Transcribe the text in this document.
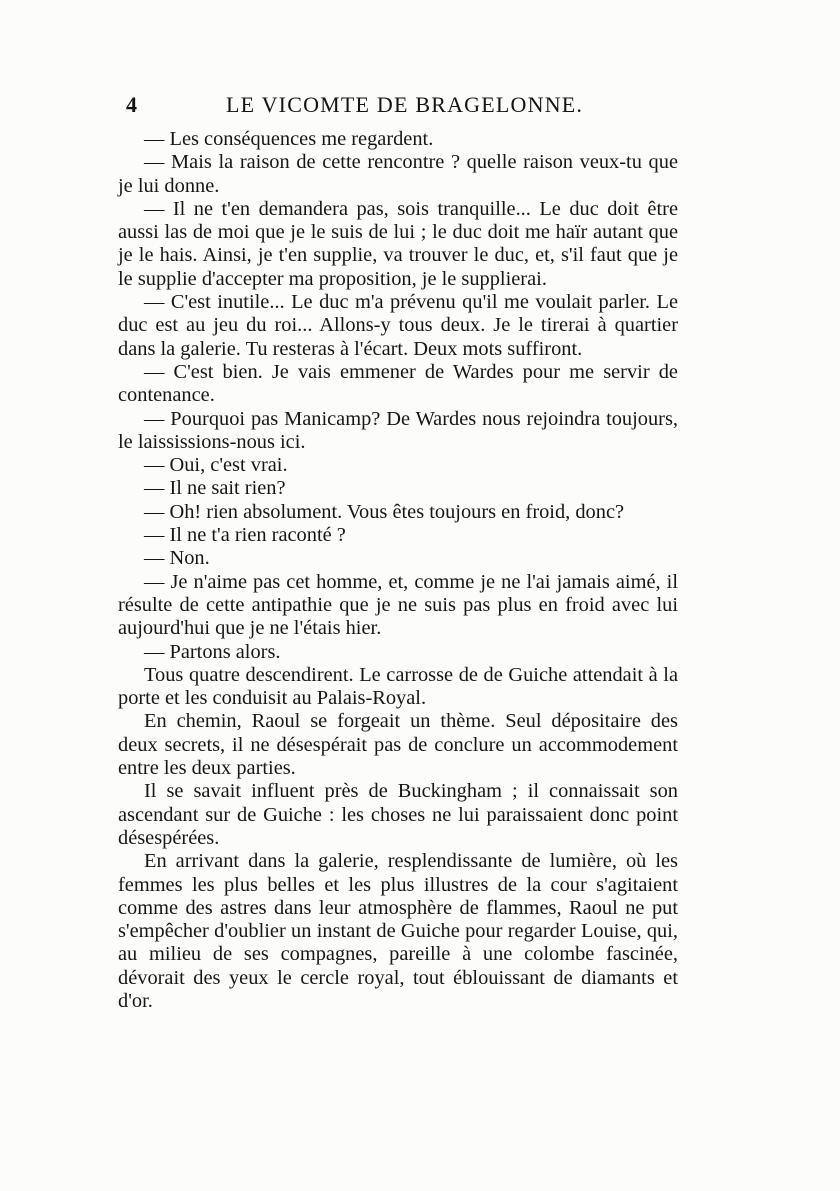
4	LE VICOMTE DE BRAGELONNE.

— Les conséquences me regardent.

— Mais la raison de cette rencontre ? quelle raison veux-tu que je lui donne.

— Il ne t'en demandera pas, sois tranquille... Le duc doit être aussi las de moi que je le suis de lui ; le duc doit me haïr autant que je le hais. Ainsi, je t'en supplie, va trouver le duc, et, s'il faut que je le supplie d'accepter ma proposition, je le supplierai.

— C'est inutile... Le duc m'a prévenu qu'il me voulait parler. Le duc est au jeu du roi... Allons-y tous deux. Je le tirerai à quartier dans la galerie. Tu resteras à l'écart. Deux mots suffiront.

— C'est bien. Je vais emmener de Wardes pour me servir de contenance.

— Pourquoi pas Manicamp? De Wardes nous rejoindra toujours, le laississions-nous ici.

— Oui, c'est vrai.

— Il ne sait rien?

— Oh! rien absolument. Vous êtes toujours en froid, donc?

— Il ne t'a rien raconté ?

— Non.

— Je n'aime pas cet homme, et, comme je ne l'ai jamais aimé, il résulte de cette antipathie que je ne suis pas plus en froid avec lui aujourd'hui que je ne l'étais hier.

— Partons alors.

Tous quatre descendirent. Le carrosse de de Guiche attendait à la porte et les conduisit au Palais-Royal.

En chemin, Raoul se forgeait un thème. Seul dépositaire des deux secrets, il ne désespérait pas de conclure un accommodement entre les deux parties.

Il se savait influent près de Buckingham ; il connaissait son ascendant sur de Guiche : les choses ne lui paraissaient donc point désespérées.

En arrivant dans la galerie, resplendissante de lumière, où les femmes les plus belles et les plus illustres de la cour s'agitaient comme des astres dans leur atmosphère de flammes, Raoul ne put s'empêcher d'oublier un instant de Guiche pour regarder Louise, qui, au milieu de ses compagnes, pareille à une colombe fascinée, dévorait des yeux le cercle royal, tout éblouissant de diamants et d'or.
